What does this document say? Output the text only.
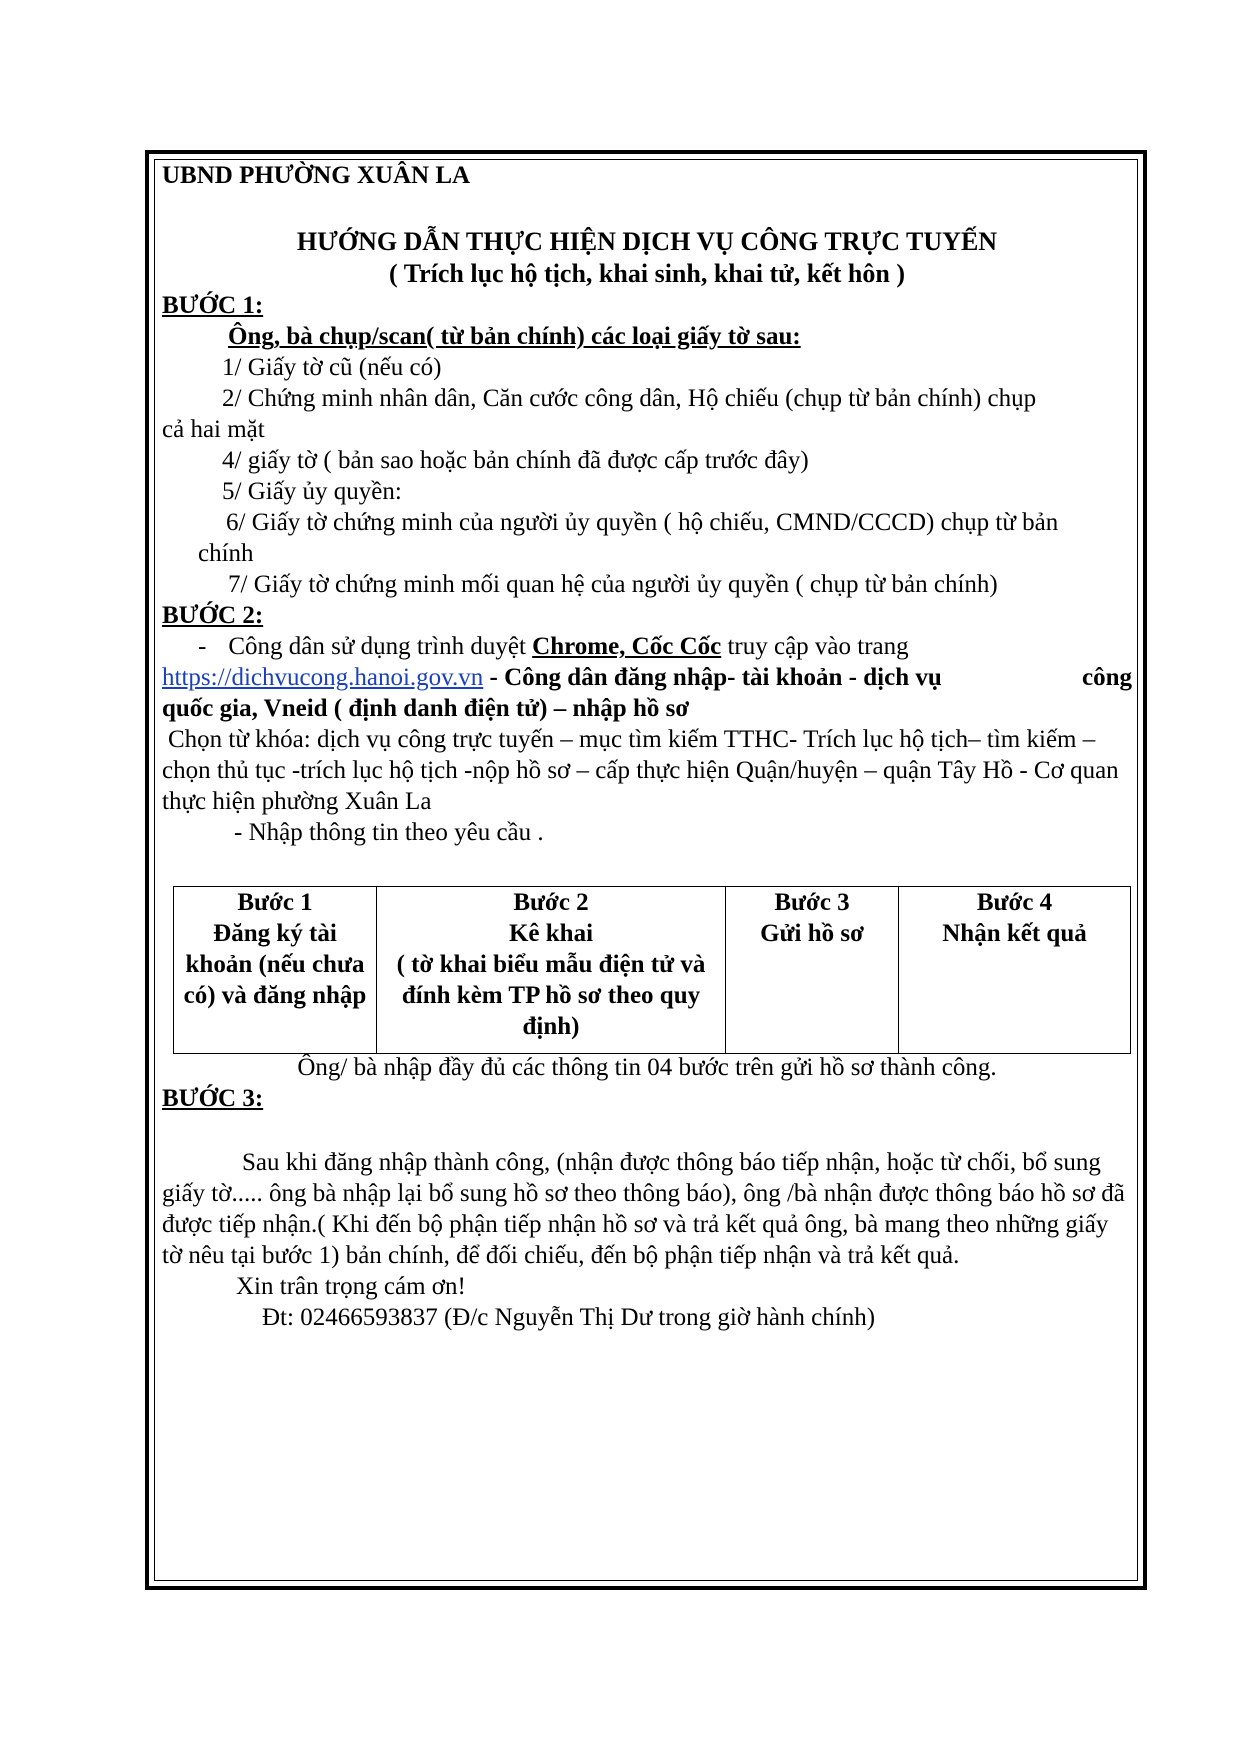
UBND PHƯỜNG XUÂN LA

HƯỚNG DẪN THỰC HIỆN DỊCH VỤ CÔNG TRỰC TUYẾN

( Trích lục hộ tịch, khai sinh, khai tử, kết hôn )

BƯỚC 1:

Ông, bà chụp/scan( từ bản chính) các loại giấy tờ sau:

1/ Giấy tờ cũ (nếu có)

2/ Chứng minh nhân dân, Căn cước công dân, Hộ chiếu (chụp từ bản chính) chụp

cả hai mặt

4/ giấy tờ ( bản sao hoặc bản chính đã được cấp trước đây)

5/ Giấy ủy quyền:

6/ Giấy tờ chứng minh của người ủy quyền ( hộ chiếu, CMND/CCCD) chụp từ bản

chính

7/ Giấy tờ chứng minh mối quan hệ của người ủy quyền ( chụp từ bản chính)

BƯỚC 2:

- Công dân sử dụng trình duyệt Chrome, Cốc Cốc truy cập vào trang

https://dichvucong.hanoi.gov.vn - Công dân đăng nhập- tài khoản - dịch vụ	công

quốc gia, Vneid ( định danh điện tử) – nhập hồ sơ

Chọn từ khóa: dịch vụ công trực tuyến – mục tìm kiếm TTHC- Trích lục hộ tịch– tìm kiếm – chọn thủ tục -trích lục hộ tịch -nộp hồ sơ – cấp thực hiện Quận/huyện – quận Tây Hồ - Cơ quan thực hiện phường Xuân La

- Nhập thông tin theo yêu cầu .

Bước 1
Đăng ký tài
khoản (nếu chưa
có) và đăng nhập

Bước 2
Kê khai
( tờ khai biểu mẫu điện tử và
đính kèm TP hồ sơ theo quy
định)

Bước 3
Gửi hồ sơ

Bước 4
Nhận kết quả

Ông/ bà nhập đầy đủ các thông tin 04 bước trên gửi hồ sơ thành công.

BƯỚC 3:

Sau khi đăng nhập thành công, (nhận được thông báo tiếp nhận, hoặc từ chối, bổ sung giấy tờ..... ông bà nhập lại bổ sung hồ sơ theo thông báo), ông /bà nhận được thông báo hồ sơ đã được tiếp nhận.( Khi đến bộ phận tiếp nhận hồ sơ và trả kết quả ông, bà mang theo những giấy tờ nêu tại bước 1) bản chính, để đối chiếu, đến bộ phận tiếp nhận và trả kết quả.

Xin trân trọng cám ơn!

Đt: 02466593837 (Đ/c Nguyễn Thị Dư trong giờ hành chính)
